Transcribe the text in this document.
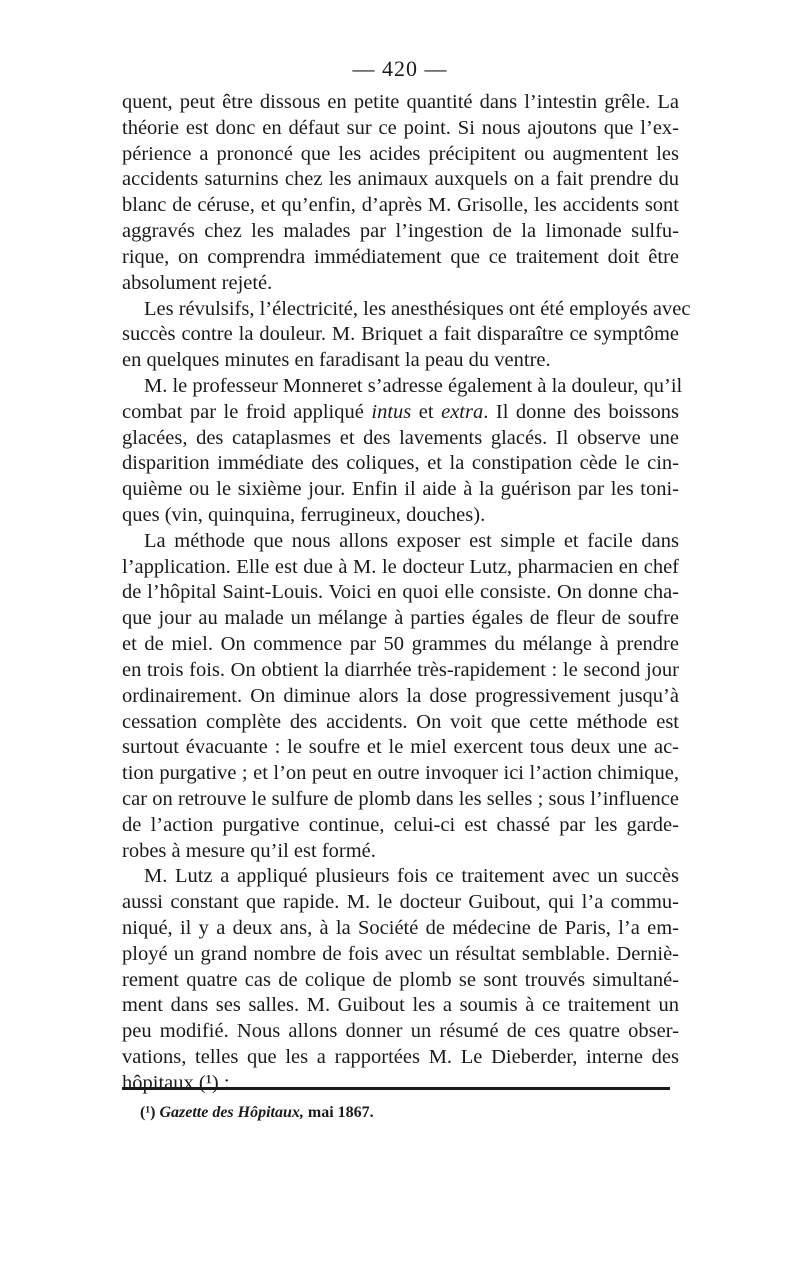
— 420 —
quent, peut être dissous en petite quantité dans l’intestin grêle. La
théorie est donc en défaut sur ce point. Si nous ajoutons que l’ex-
périence a prononcé que les acides précipitent ou augmentent les
accidents saturnins chez les animaux auxquels on a fait prendre du
blanc de céruse, et qu’enfin, d’après M. Grisolle, les accidents sont
aggravés chez les malades par l’ingestion de la limonade sulfu-
rique, on comprendra immédiatement que ce traitement doit être
absolument rejeté.
Les révulsifs, l’électricité, les anesthésiques ont été employés avec
succès contre la douleur. M. Briquet a fait disparaître ce symptôme
en quelques minutes en faradisant la peau du ventre.
M. le professeur Monneret s’adresse également à la douleur, qu’il
combat par le froid appliqué intus et extra. Il donne des boissons
glacées, des cataplasmes et des lavements glacés. Il observe une
disparition immédiate des coliques, et la constipation cède le cin-
quième ou le sixième jour. Enfin il aide à la guérison par les toni-
ques (vin, quinquina, ferrugineux, douches).
La méthode que nous allons exposer est simple et facile dans
l’application. Elle est due à M. le docteur Lutz, pharmacien en chef
de l’hôpital Saint-Louis. Voici en quoi elle consiste. On donne cha-
que jour au malade un mélange à parties égales de fleur de soufre
et de miel. On commence par 50 grammes du mélange à prendre
en trois fois. On obtient la diarrhée très-rapidement : le second jour
ordinairement. On diminue alors la dose progressivement jusqu’à
cessation complète des accidents. On voit que cette méthode est
surtout évacuante : le soufre et le miel exercent tous deux une ac-
tion purgative ; et l’on peut en outre invoquer ici l’action chimique,
car on retrouve le sulfure de plomb dans les selles ; sous l’influence
de l’action purgative continue, celui-ci est chassé par les garde-
robes à mesure qu’il est formé.
M. Lutz a appliqué plusieurs fois ce traitement avec un succès
aussi constant que rapide. M. le docteur Guibout, qui l’a commu-
niqué, il y a deux ans, à la Société de médecine de Paris, l’a em-
ployé un grand nombre de fois avec un résultat semblable. Derniè-
rement quatre cas de colique de plomb se sont trouvés simultané-
ment dans ses salles. M. Guibout les a soumis à ce traitement un
peu modifié. Nous allons donner un résumé de ces quatre obser-
vations, telles que les a rapportées M. Le Dieberder, interne des
hôpitaux (¹) :
(¹) Gazette des Hôpitaux, mai 1867.
